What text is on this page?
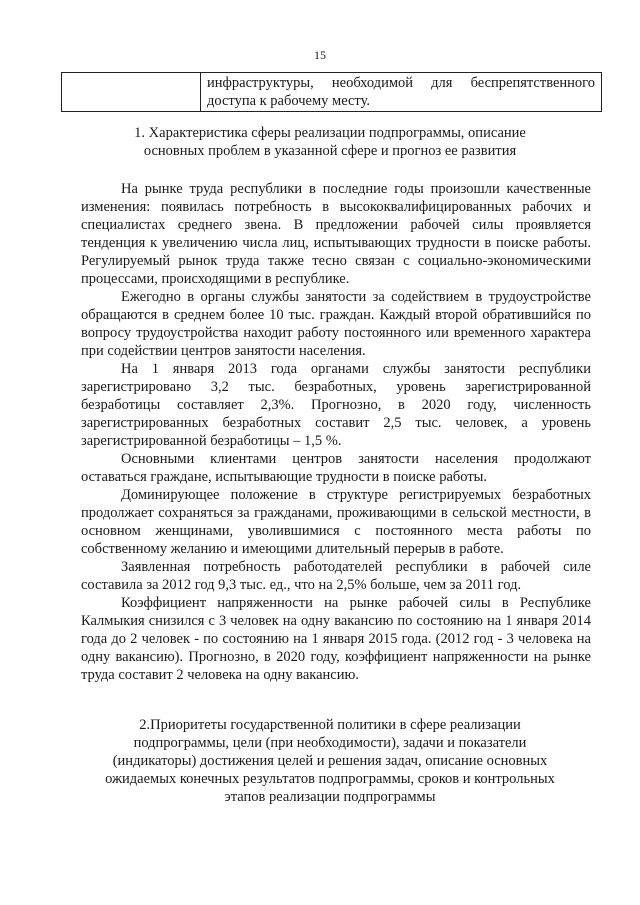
15
	инфраструктуры, необходимой для беспрепятственного доступа к рабочему месту.
1. Характеристика сферы реализации подпрограммы, описание
основных проблем в указанной сфере и прогноз ее развития

На рынке труда республики в последние годы произошли качественные изменения: появилась потребность в высококвалифицированных рабочих и специалистах среднего звена. В предложении рабочей силы проявляется тенденция к увеличению числа лиц, испытывающих трудности в поиске работы. Регулируемый рынок труда также тесно связан с социально-экономическими процессами, происходящими в республике.

Ежегодно в органы службы занятости за содействием в трудоустройстве обращаются в среднем более 10 тыс. граждан. Каждый второй обратившийся по вопросу трудоустройства находит работу постоянного или временного характера при содействии центров занятости населения.

На 1 января 2013 года органами службы занятости республики зарегистрировано 3,2 тыс. безработных, уровень зарегистрированной безработицы составляет 2,3%. Прогнозно, в 2020 году, численность зарегистрированных безработных составит 2,5 тыс. человек, а уровень зарегистрированной безработицы – 1,5 %.

Основными клиентами центров занятости населения продолжают оставаться граждане, испытывающие трудности в поиске работы.

Доминирующее положение в структуре регистрируемых безработных продолжает сохраняться за гражданами, проживающими в сельской местности, в основном женщинами, уволившимися с постоянного места работы по собственному желанию и имеющими длительный перерыв в работе.

Заявленная потребность работодателей республики в рабочей силе составила за 2012 год 9,3 тыс. ед., что на 2,5% больше, чем за 2011 год.

Коэффициент напряженности на рынке рабочей силы в Республике Калмыкия снизился с 3 человек на одну вакансию по состоянию на 1 января 2014 года до 2 человек - по состоянию на 1 января 2015 года. (2012 год - 3 человека на одну вакансию). Прогнозно, в 2020 году, коэффициент напряженности на рынке труда составит 2 человека на одну вакансию.

2.Приоритеты государственной политики в сфере реализации
подпрограммы, цели (при необходимости), задачи и показатели
(индикаторы) достижения целей и решения задач, описание основных
ожидаемых конечных результатов подпрограммы, сроков и контрольных
этапов реализации подпрограммы
